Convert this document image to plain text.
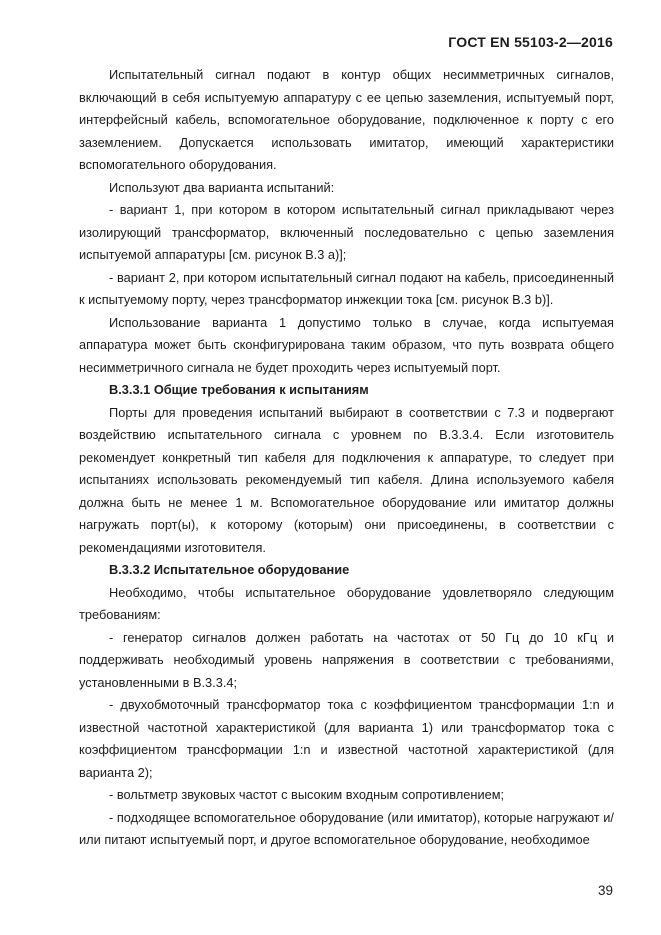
ГОСТ EN 55103-2—2016

Испытательный сигнал подают в контур общих несимметричных сигналов, включающий в себя испытуемую аппаратуру с ее цепью заземления, испытуемый порт, интерфейсный кабель, вспомогательное оборудование, подключенное к порту с его заземлением. Допускается использовать имитатор, имеющий характеристики вспомогательного оборудования.

Используют два варианта испытаний:

- вариант 1, при котором в котором испытательный сигнал прикладывают через изолирующий трансформатор, включенный последовательно с цепью заземления испытуемой аппаратуры [см. рисунок В.3 а)];

- вариант 2, при котором испытательный сигнал подают на кабель, присоединенный к испытуемому порту, через трансформатор инжекции тока [см. рисунок В.3 b)].

Использование варианта 1 допустимо только в случае, когда испытуемая аппаратура может быть сконфигурирована таким образом, что путь возврата общего несимметричного сигнала не будет проходить через испытуемый порт.

В.3.3.1 Общие требования к испытаниям

Порты для проведения испытаний выбирают в соответствии с 7.3 и подвергают воздействию испытательного сигнала с уровнем по В.3.3.4. Если изготовитель рекомендует конкретный тип кабеля для подключения к аппаратуре, то следует при испытаниях использовать рекомендуемый тип кабеля. Длина используемого кабеля должна быть не менее 1 м. Вспомогательное оборудование или имитатор должны нагружать порт(ы), к которому (которым) они присоединены, в соответствии с рекомендациями изготовителя.

В.3.3.2 Испытательное оборудование

Необходимо, чтобы испытательное оборудование удовлетворяло следующим требованиям:

- генератор сигналов должен работать на частотах от 50 Гц до 10 кГц и поддерживать необходимый уровень напряжения в соответствии с требованиями, установленными в В.3.3.4;

- двухобмоточный трансформатор тока с коэффициентом трансформации 1:n и известной частотной характеристикой (для варианта 1) или трансформатор тока с коэффициентом трансформации 1:n и известной частотной характеристикой (для варианта 2);

- вольтметр звуковых частот с высоким входным сопротивлением;

- подходящее вспомогательное оборудование (или имитатор), которые нагружают и/или питают испытуемый порт, и другое вспомогательное оборудование, необходимое

39
